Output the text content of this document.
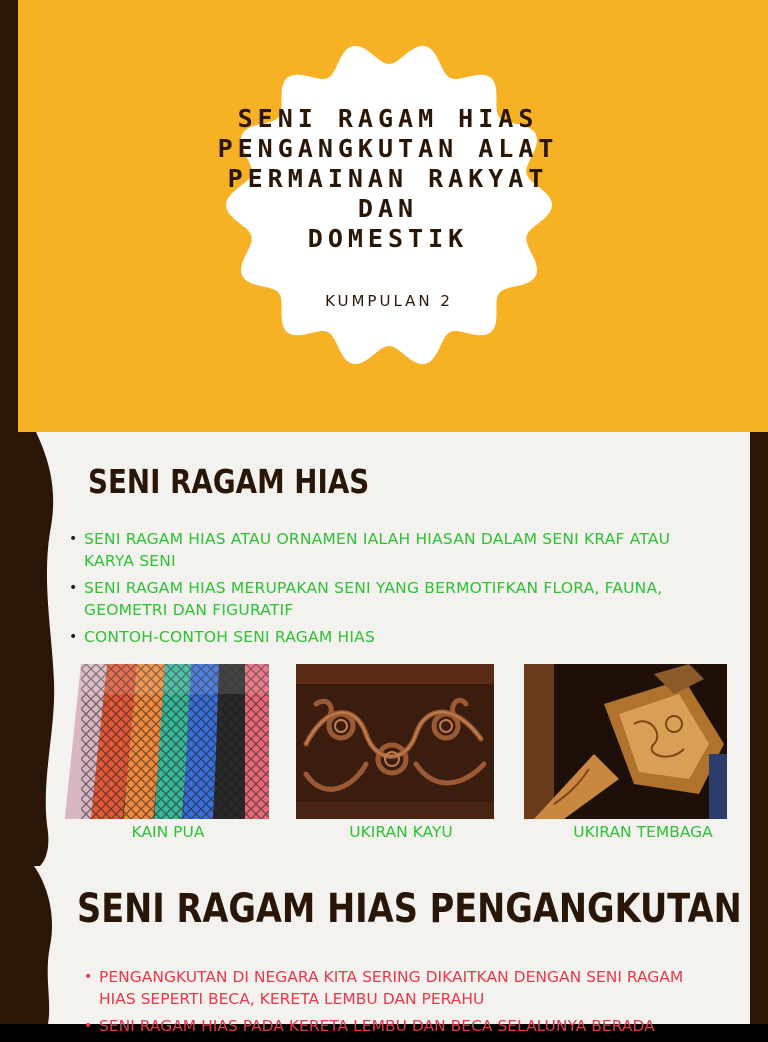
SENI RAGAM HIAS
PENGANGKUTAN ALAT
PERMAINAN RAKYAT
DAN
DOMESTIK
KUMPULAN 2
SENI RAGAM HIAS
• SENI RAGAM HIAS ATAU ORNAMEN IALAH HIASAN DALAM SENI KRAF ATAU KARYA SENI
• SENI RAGAM HIAS MERUPAKAN SENI YANG BERMOTIFKAN FLORA, FAUNA, GEOMETRI DAN FIGURATIF
• CONTOH-CONTOH SENI RAGAM HIAS
KAIN PUA	UKIRAN KAYU	UKIRAN TEMBAGA
SENI RAGAM HIAS PENGANGKUTAN
• PENGANGKUTAN DI NEGARA KITA SERING DIKAITKAN DENGAN SENI RAGAM HIAS SEPERTI BECA, KERETA LEMBU DAN PERAHU
• SENI RAGAM HIAS PADA KERETA LEMBU DAN BECA SELALUNYA BERADA
